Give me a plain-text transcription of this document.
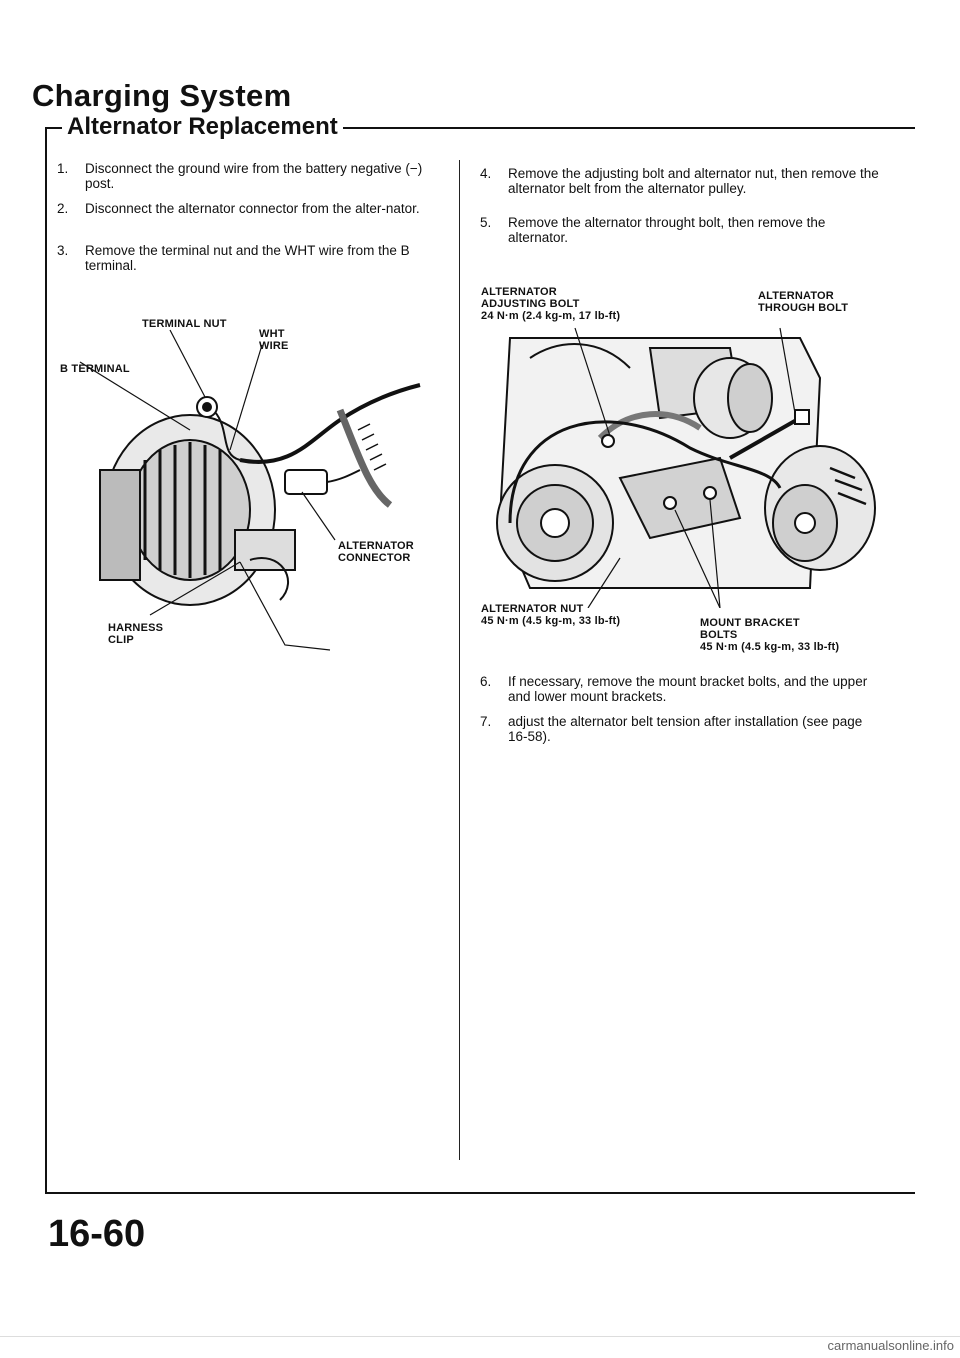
Charging System
Alternator Replacement
1.	Disconnect the ground wire from the battery negative (−) post.
2.	Disconnect the alternator connector from the alter-nator.
3.	Remove the terminal nut and the WHT wire from the B terminal.
TERMINAL NUT
WHT
WIRE
B TERMINAL
ALTERNATOR
CONNECTOR
HARNESS
CLIP
4.	Remove the adjusting bolt and alternator nut, then remove the alternator belt from the alternator pulley.
5.	Remove the alternator throught bolt, then remove the alternator.
ALTERNATOR
ADJUSTING BOLT
24 N·m (2.4 kg-m, 17 lb-ft)
ALTERNATOR
THROUGH BOLT
ALTERNATOR NUT
45 N·m (4.5 kg-m, 33 lb-ft)	MOUNT BRACKET
BOLTS
45 N·m (4.5 kg-m, 33 lb-ft)
6.	If necessary, remove the mount bracket bolts, and the upper and lower mount brackets.
7.	adjust the alternator belt tension after installation (see page 16-58).
16-60
carmanualsonline.info
